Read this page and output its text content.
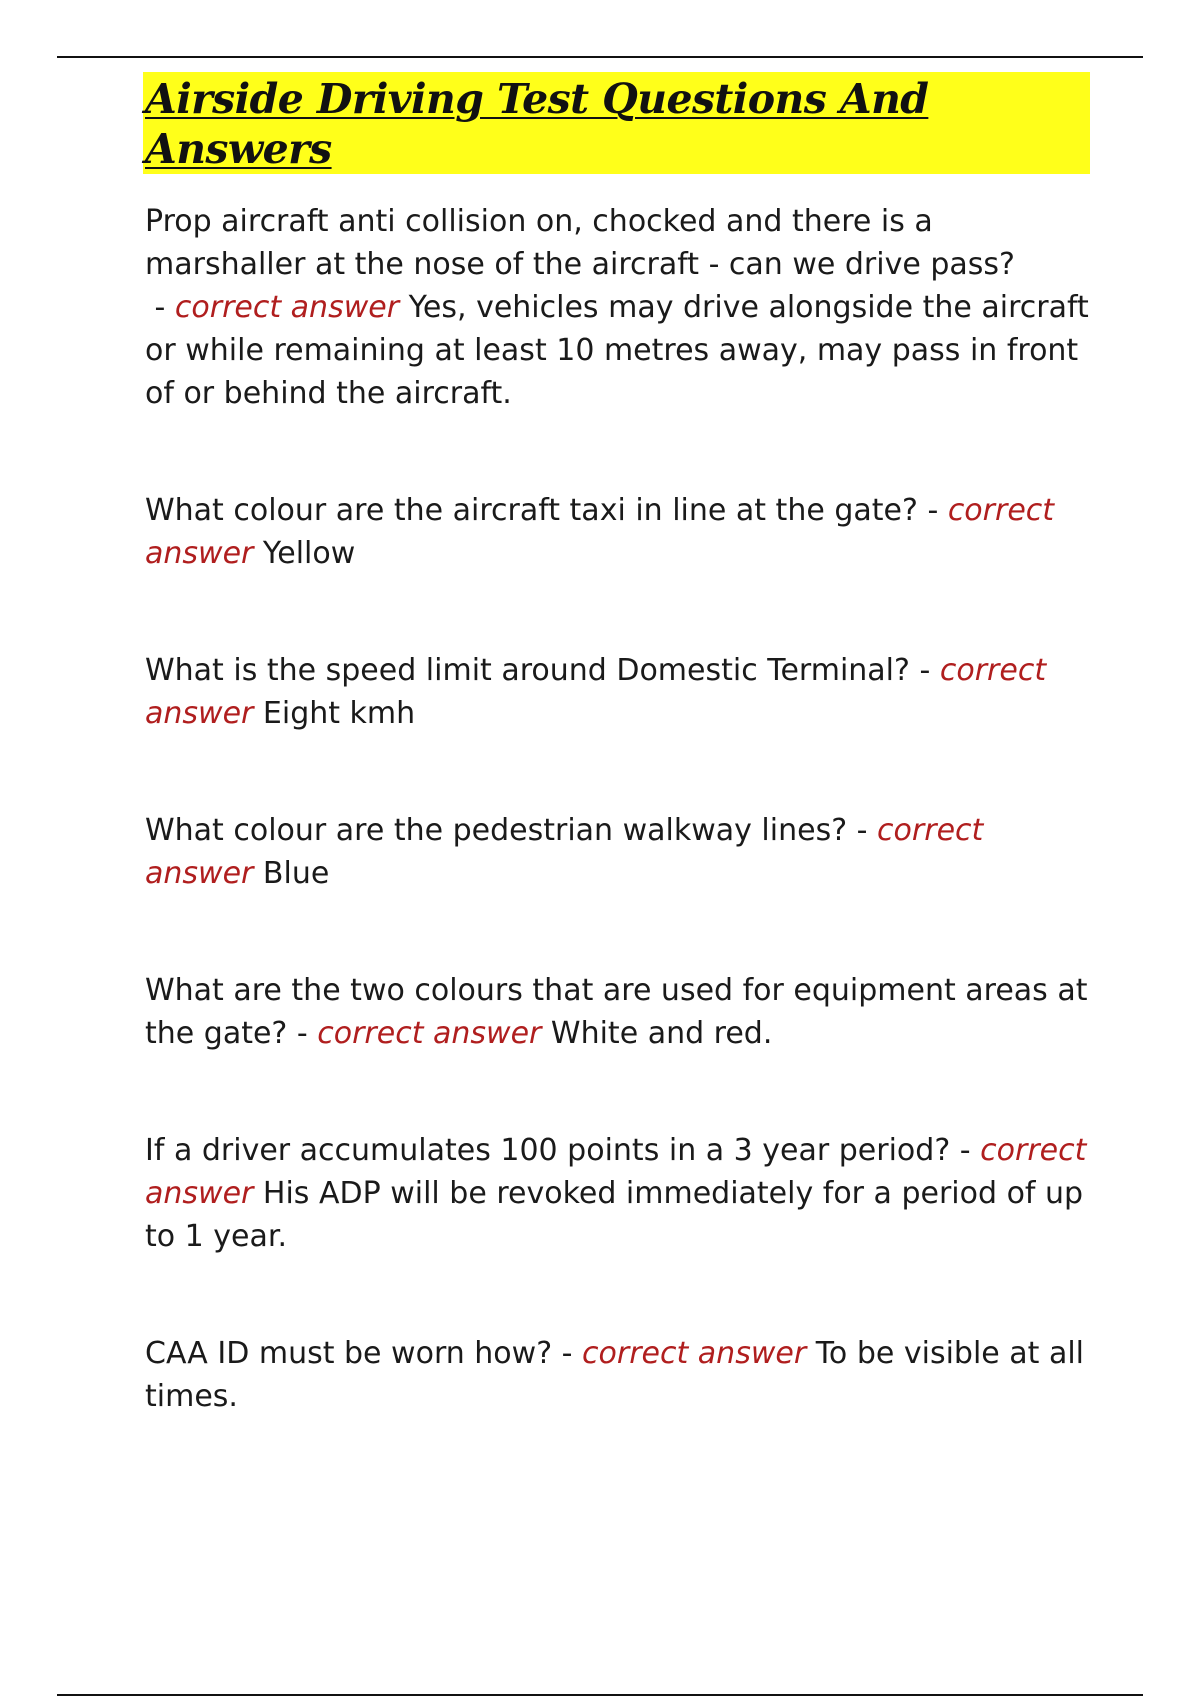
Airside Driving Test Questions And Answers

Prop aircraft anti collision on, chocked and there is a marshaller at the nose of the aircraft - can we drive pass? - correct answer Yes, vehicles may drive alongside the aircraft or while remaining at least 10 metres away, may pass in front of or behind the aircraft.

What colour are the aircraft taxi in line at the gate? - correct answer Yellow

What is the speed limit around Domestic Terminal? - correct answer Eight kmh

What colour are the pedestrian walkway lines? - correct answer Blue

What are the two colours that are used for equipment areas at the gate? - correct answer White and red.

If a driver accumulates 100 points in a 3 year period? - correct answer His ADP will be revoked immediately for a period of up to 1 year.

CAA ID must be worn how? - correct answer To be visible at all times.
